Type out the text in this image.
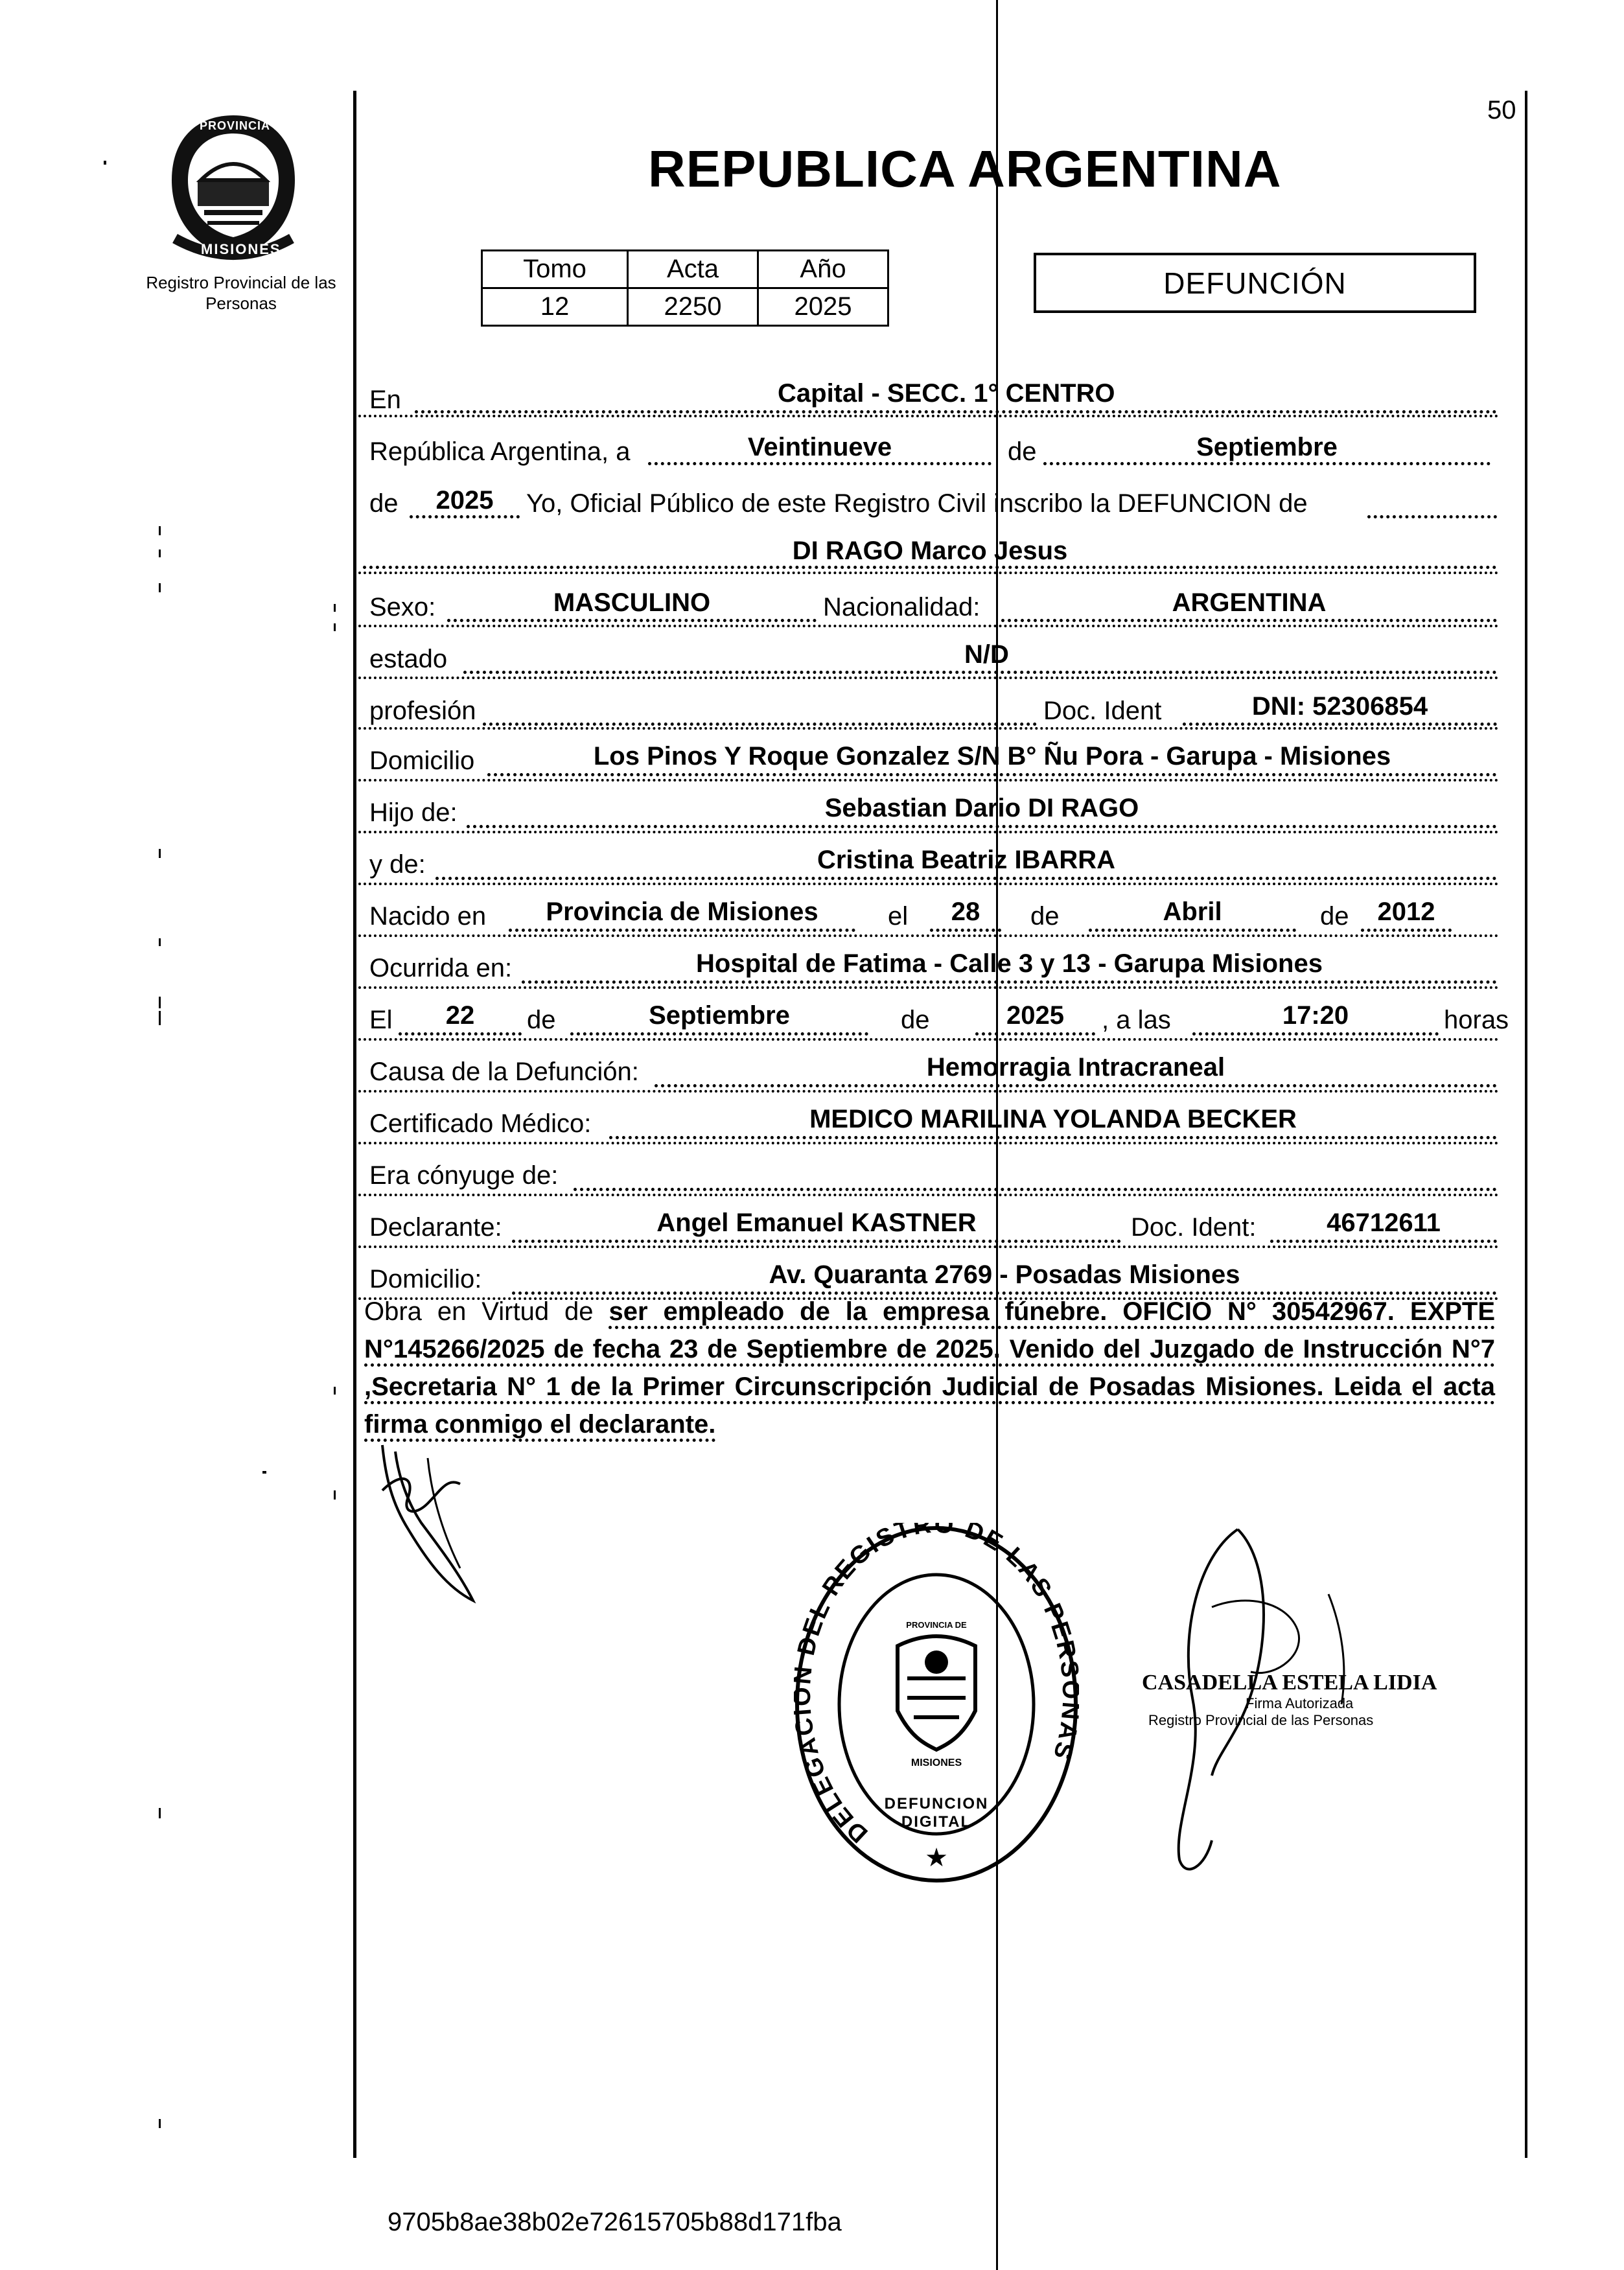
50
PROVINCIA DE
MISIONES
Registro Provincial de las Personas
REPUBLICA ARGENTINA
Tomo	Acta	Año
12	2250	2025
DEFUNCIÓN
En	Capital - SECC. 1° CENTRO
República Argentina, a	Veintinueve	de	Septiembre
de	2025	Yo, Oficial Público de este Registro Civil inscribo la DEFUNCION de
DI RAGO Marco Jesus
Sexo:	MASCULINO	Nacionalidad:	ARGENTINA
estado	N/D
profesión	Doc. Ident	DNI: 52306854
Domicilio	Los Pinos Y Roque Gonzalez S/N B° Ñu Pora - Garupa - Misiones
Hijo de:	Sebastian Dario DI RAGO
y de:	Cristina Beatriz IBARRA
Nacido en	Provincia de Misiones	el	28	de	Abril	de	2012
Ocurrida en:	Hospital de Fatima - Calle 3 y 13 - Garupa Misiones
El	22	de	Septiembre	de	2025	, a las	17:20	horas
Causa de la Defunción:	Hemorragia Intracraneal
Certificado Médico:	MEDICO MARILINA YOLANDA BECKER
Era cónyuge de:
Declarante:	Angel Emanuel KASTNER	Doc. Ident:	46712611
Domicilio:	Av. Quaranta 2769 - Posadas Misiones
Obra en Virtud de ser empleado de la empresa fúnebre. OFICIO N° 30542967. EXPTE N°145266/2025 de fecha 23 de Septiembre de 2025. Venido del Juzgado de Instrucción N°7 ,Secretaria N° 1 de la Primer Circunscripción Judicial de Posadas Misiones. Leida el acta firma conmigo el declarante.
DELEGA DEL REGISTRO DE LAS PER S
★
DEFUNCION DIGITAL
PROVINCIA DE
MISIONES
CASADELLA ESTELA LIDIA
Firma Autorizada
Registro Provincial de las Personas
9705b8ae38b02e72615705b88d171fba
